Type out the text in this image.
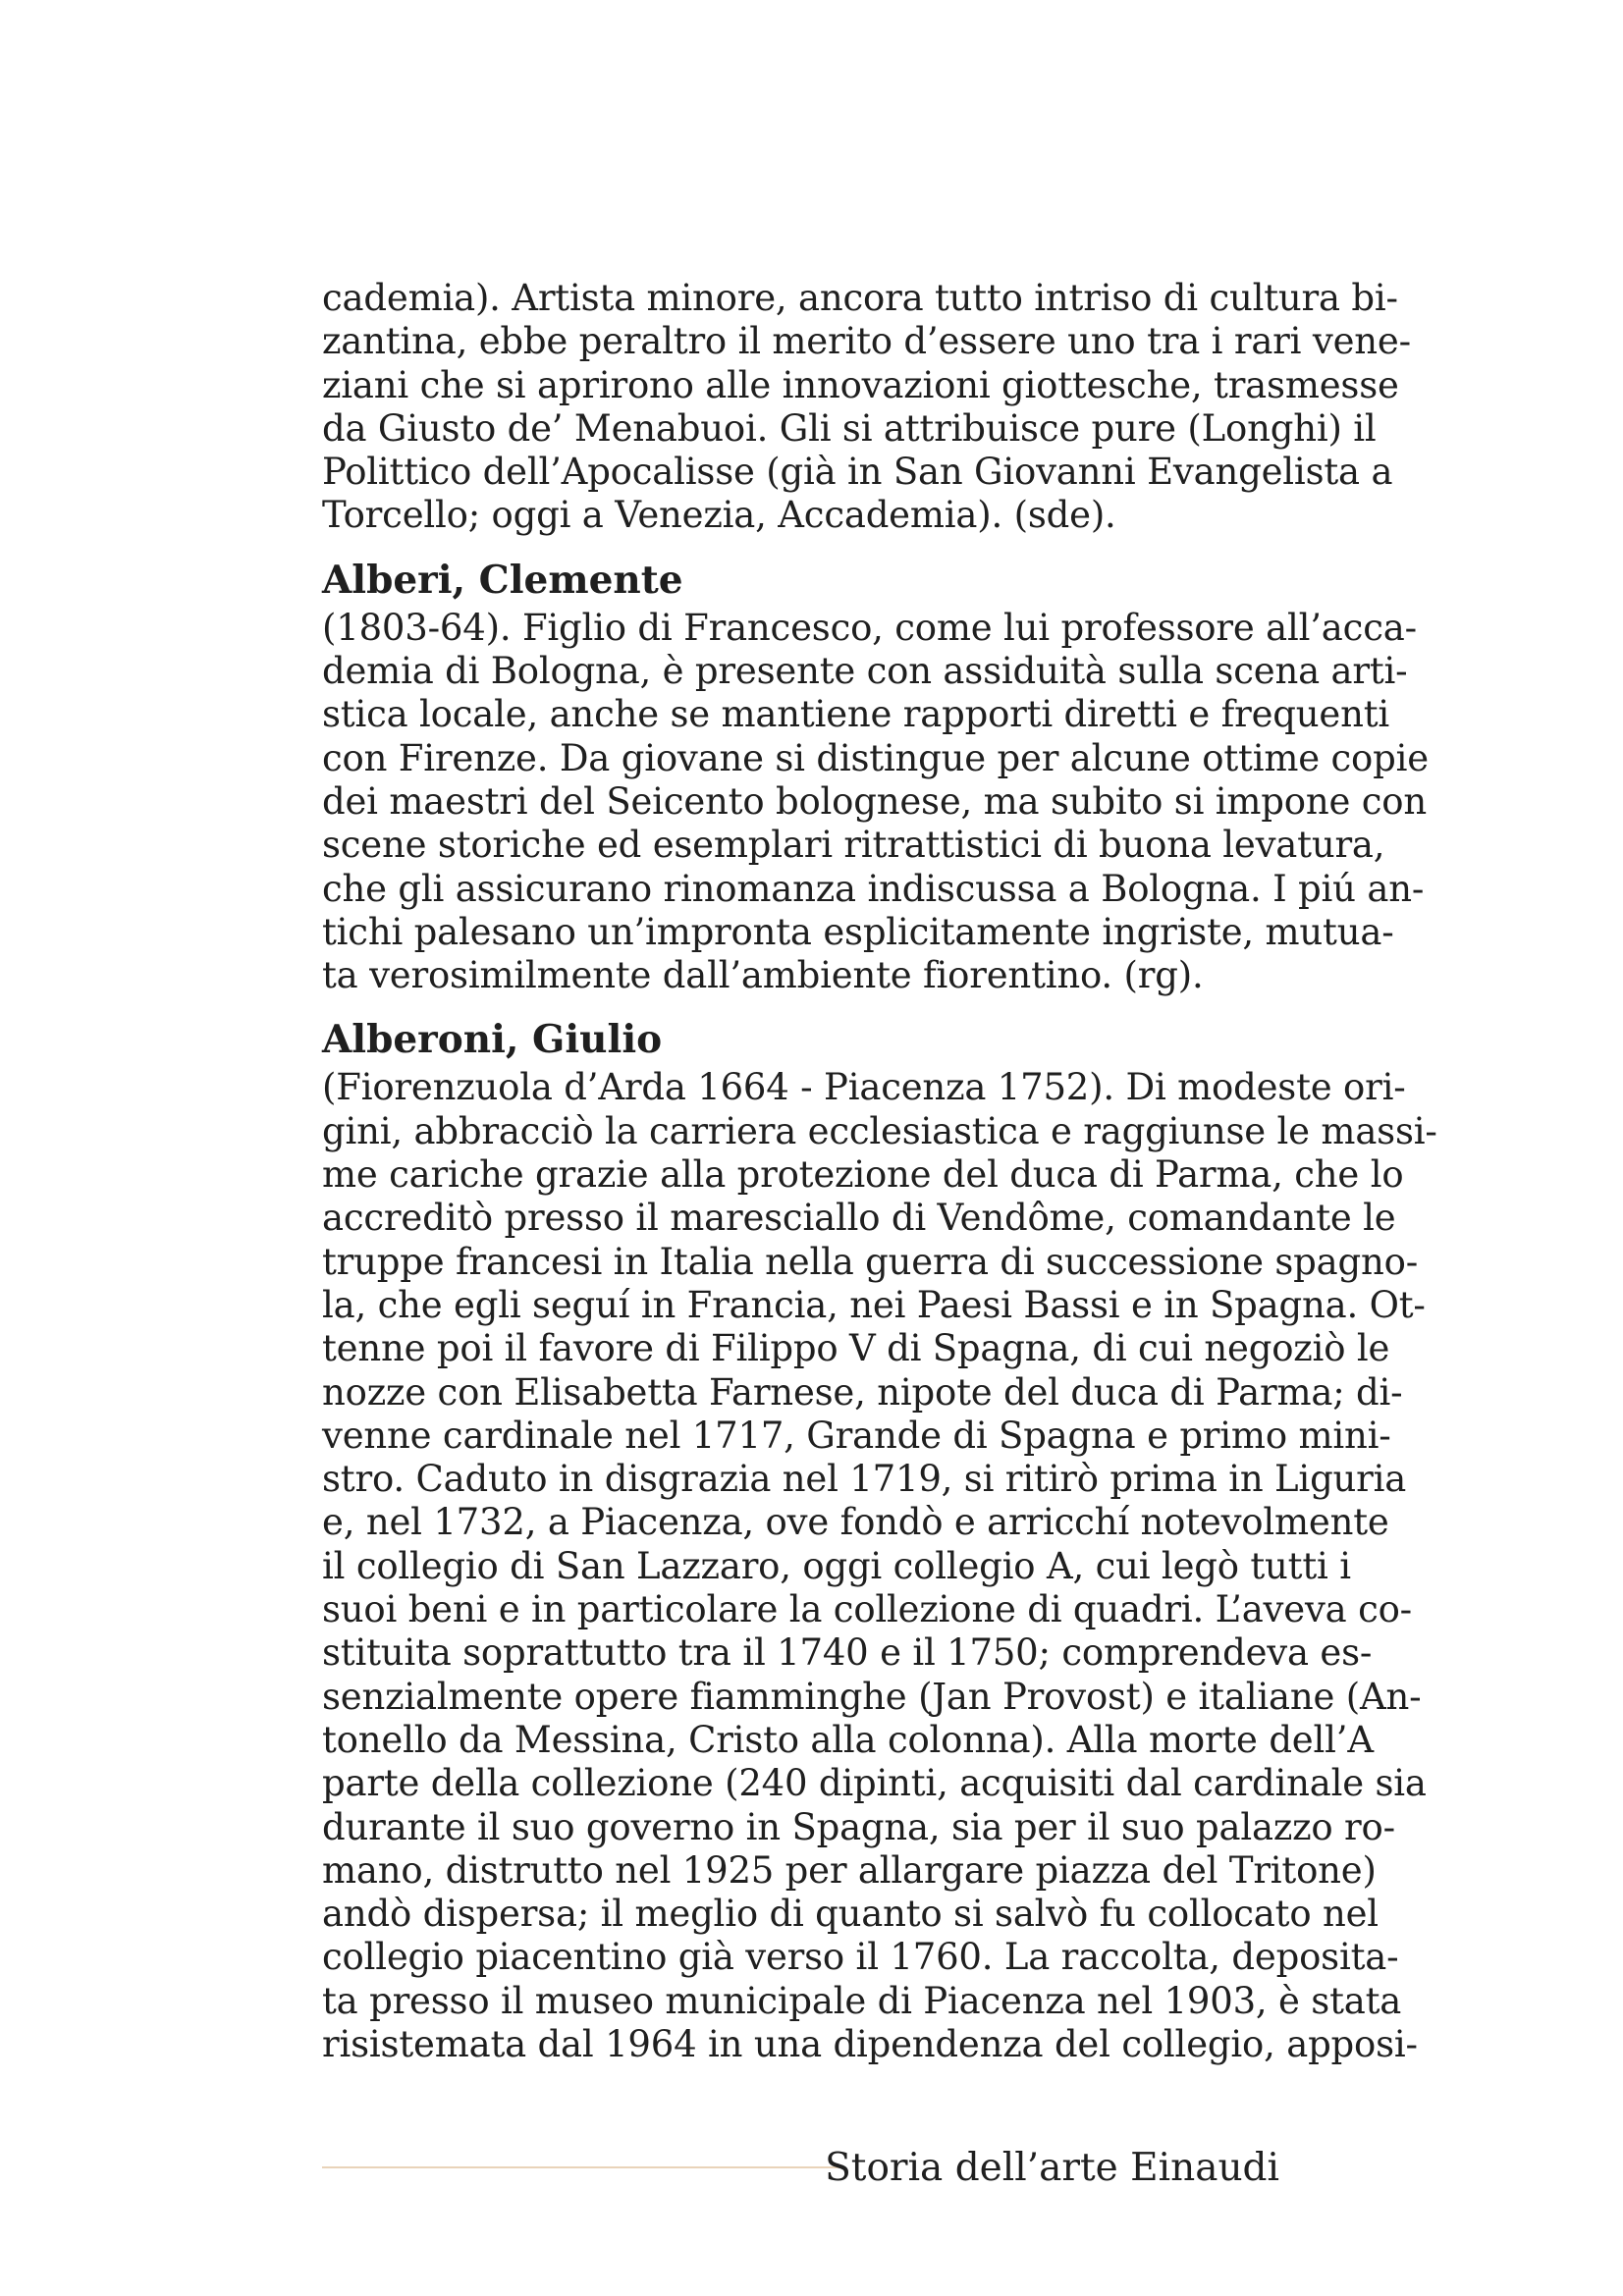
cademia). Artista minore, ancora tutto intriso di cultura bi-
zantina, ebbe peraltro il merito d’essere uno tra i rari vene-
ziani che si aprirono alle innovazioni giottesche, trasmesse
da Giusto de’ Menabuoi. Gli si attribuisce pure (Longhi) il
Polittico dell’Apocalisse (già in San Giovanni Evangelista a
Torcello; oggi a Venezia, Accademia). (sde).
Alberi, Clemente
(1803-64). Figlio di Francesco, come lui professore all’acca-
demia di Bologna, è presente con assiduità sulla scena arti-
stica locale, anche se mantiene rapporti diretti e frequenti
con Firenze. Da giovane si distingue per alcune ottime copie
dei maestri del Seicento bolognese, ma subito si impone con
scene storiche ed esemplari ritrattistici di buona levatura,
che gli assicurano rinomanza indiscussa a Bologna. I piú an-
tichi palesano un’impronta esplicitamente ingriste, mutua-
ta verosimilmente dall’ambiente fiorentino. (rg).
Alberoni, Giulio
(Fiorenzuola d’Arda 1664 - Piacenza 1752). Di modeste ori-
gini, abbracciò la carriera ecclesiastica e raggiunse le massi-
me cariche grazie alla protezione del duca di Parma, che lo
accreditò presso il maresciallo di Vendôme, comandante le
truppe francesi in Italia nella guerra di successione spagno-
la, che egli seguí in Francia, nei Paesi Bassi e in Spagna. Ot-
tenne poi il favore di Filippo V di Spagna, di cui negoziò le
nozze con Elisabetta Farnese, nipote del duca di Parma; di-
venne cardinale nel 1717, Grande di Spagna e primo mini-
stro. Caduto in disgrazia nel 1719, si ritirò prima in Liguria
e, nel 1732, a Piacenza, ove fondò e arricchí notevolmente
il collegio di San Lazzaro, oggi collegio A, cui legò tutti i
suoi beni e in particolare la collezione di quadri. L’aveva co-
stituita soprattutto tra il 1740 e il 1750; comprendeva es-
senzialmente opere fiamminghe (Jan Provost) e italiane (An-
tonello da Messina, Cristo alla colonna). Alla morte dell’A
parte della collezione (240 dipinti, acquisiti dal cardinale sia
durante il suo governo in Spagna, sia per il suo palazzo ro-
mano, distrutto nel 1925 per allargare piazza del Tritone)
andò dispersa; il meglio di quanto si salvò fu collocato nel
collegio piacentino già verso il 1760. La raccolta, deposita-
ta presso il museo municipale di Piacenza nel 1903, è stata
risistemata dal 1964 in una dipendenza del collegio, apposi-
Storia dell’arte Einaudi
